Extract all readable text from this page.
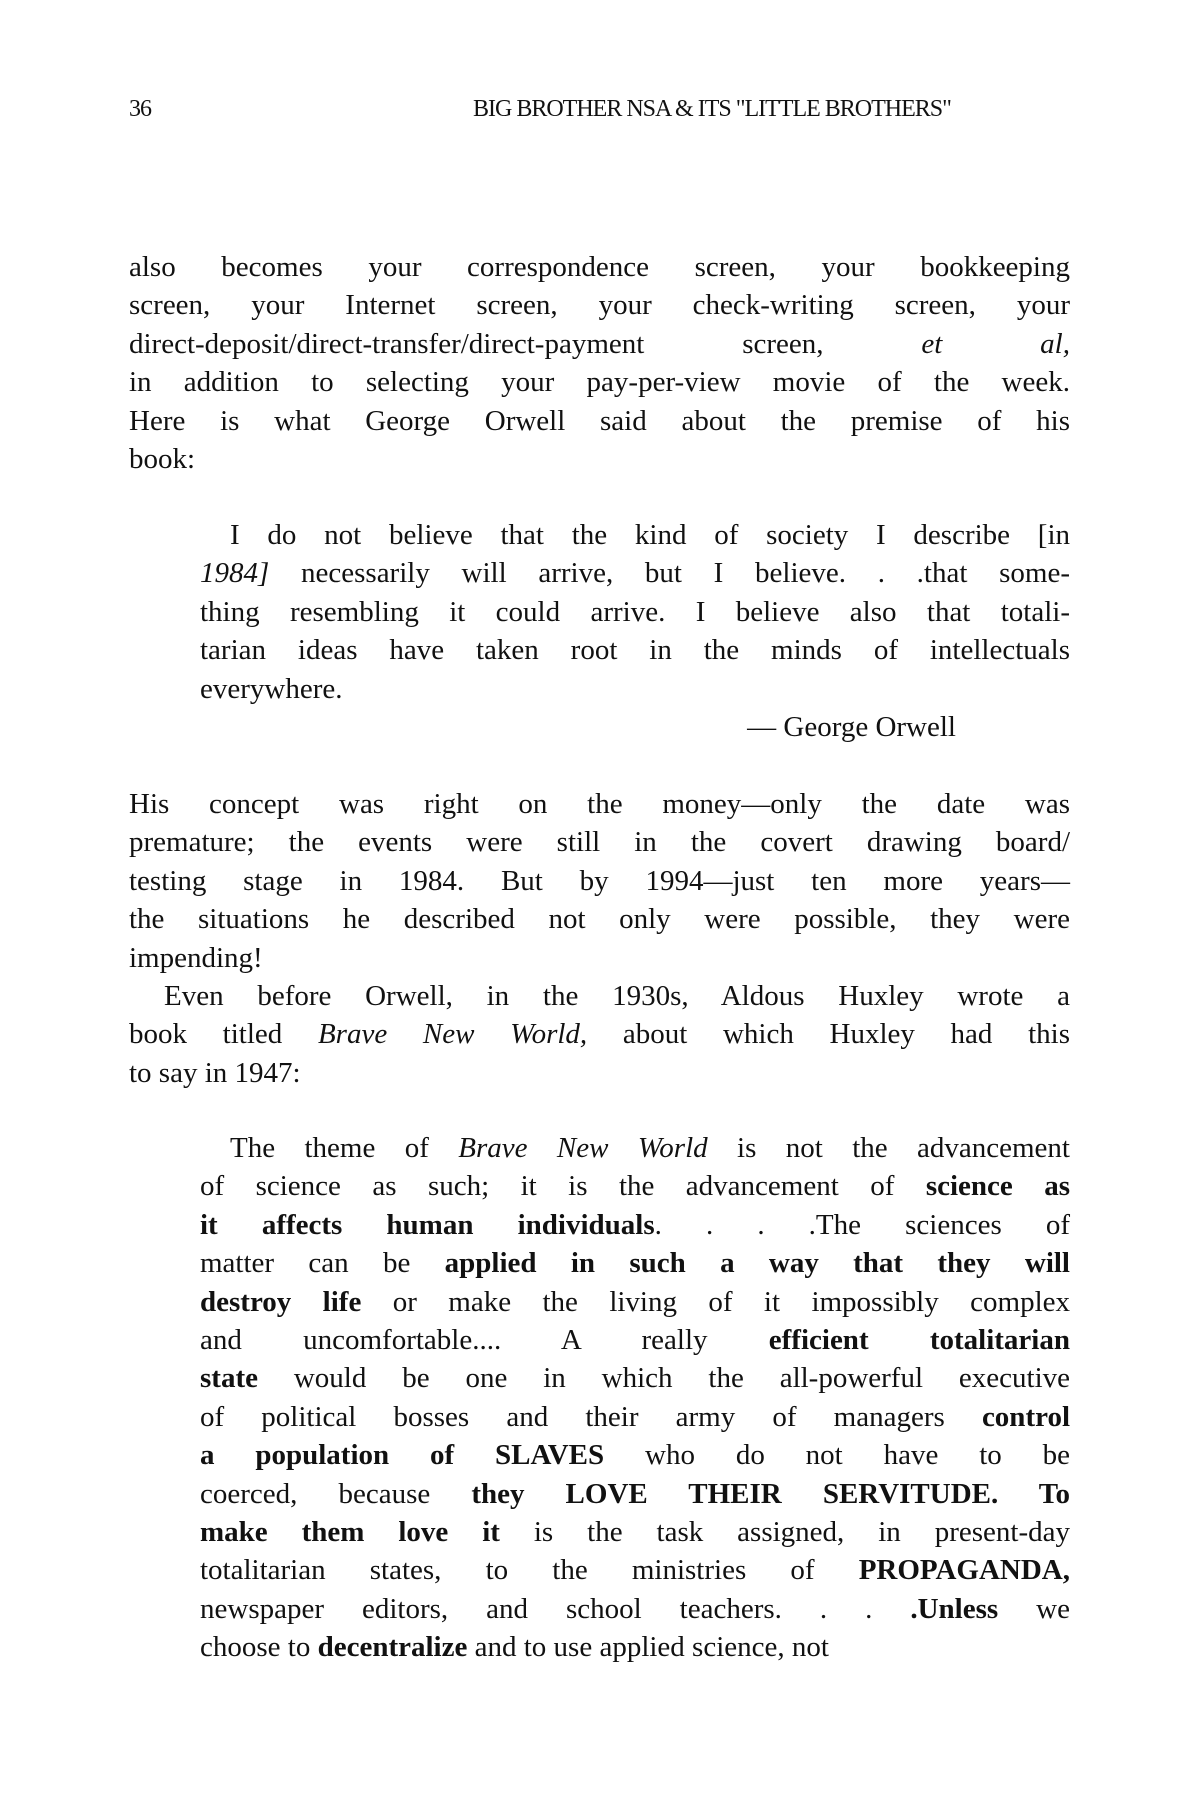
36	BIG BROTHER NSA & ITS "LITTLE BROTHERS"
also becomes your correspondence screen, your bookkeeping
screen, your Internet screen, your check-writing screen, your
direct-deposit/direct-transfer/direct-payment screen, et al,
in addition to selecting your pay-per-view movie of the week.
Here is what George Orwell said about the premise of his
book:
I do not believe that the kind of society I describe [in
1984] necessarily will arrive, but I believe. . .that some-
thing resembling it could arrive. I believe also that totali-
tarian ideas have taken root in the minds of intellectuals
everywhere.
— George Orwell
His concept was right on the money—only the date was
premature; the events were still in the covert drawing board/
testing stage in 1984. But by 1994—just ten more years—
the situations he described not only were possible, they were
impending!
Even before Orwell, in the 1930s, Aldous Huxley wrote a
book titled Brave New World, about which Huxley had this
to say in 1947:
The theme of Brave New World is not the advancement
of science as such; it is the advancement of science as
it affects human individuals. . . .The sciences of
matter can be applied in such a way that they will
destroy life or make the living of it impossibly complex
and uncomfortable.... A really efficient totalitarian
state would be one in which the all-powerful executive
of political bosses and their army of managers control
a population of SLAVES who do not have to be
coerced, because they LOVE THEIR SERVITUDE. To
make them love it is the task assigned, in present-day
totalitarian states, to the ministries of PROPAGANDA,
newspaper editors, and school teachers. . . .Unless we
choose to decentralize and to use applied science, not
